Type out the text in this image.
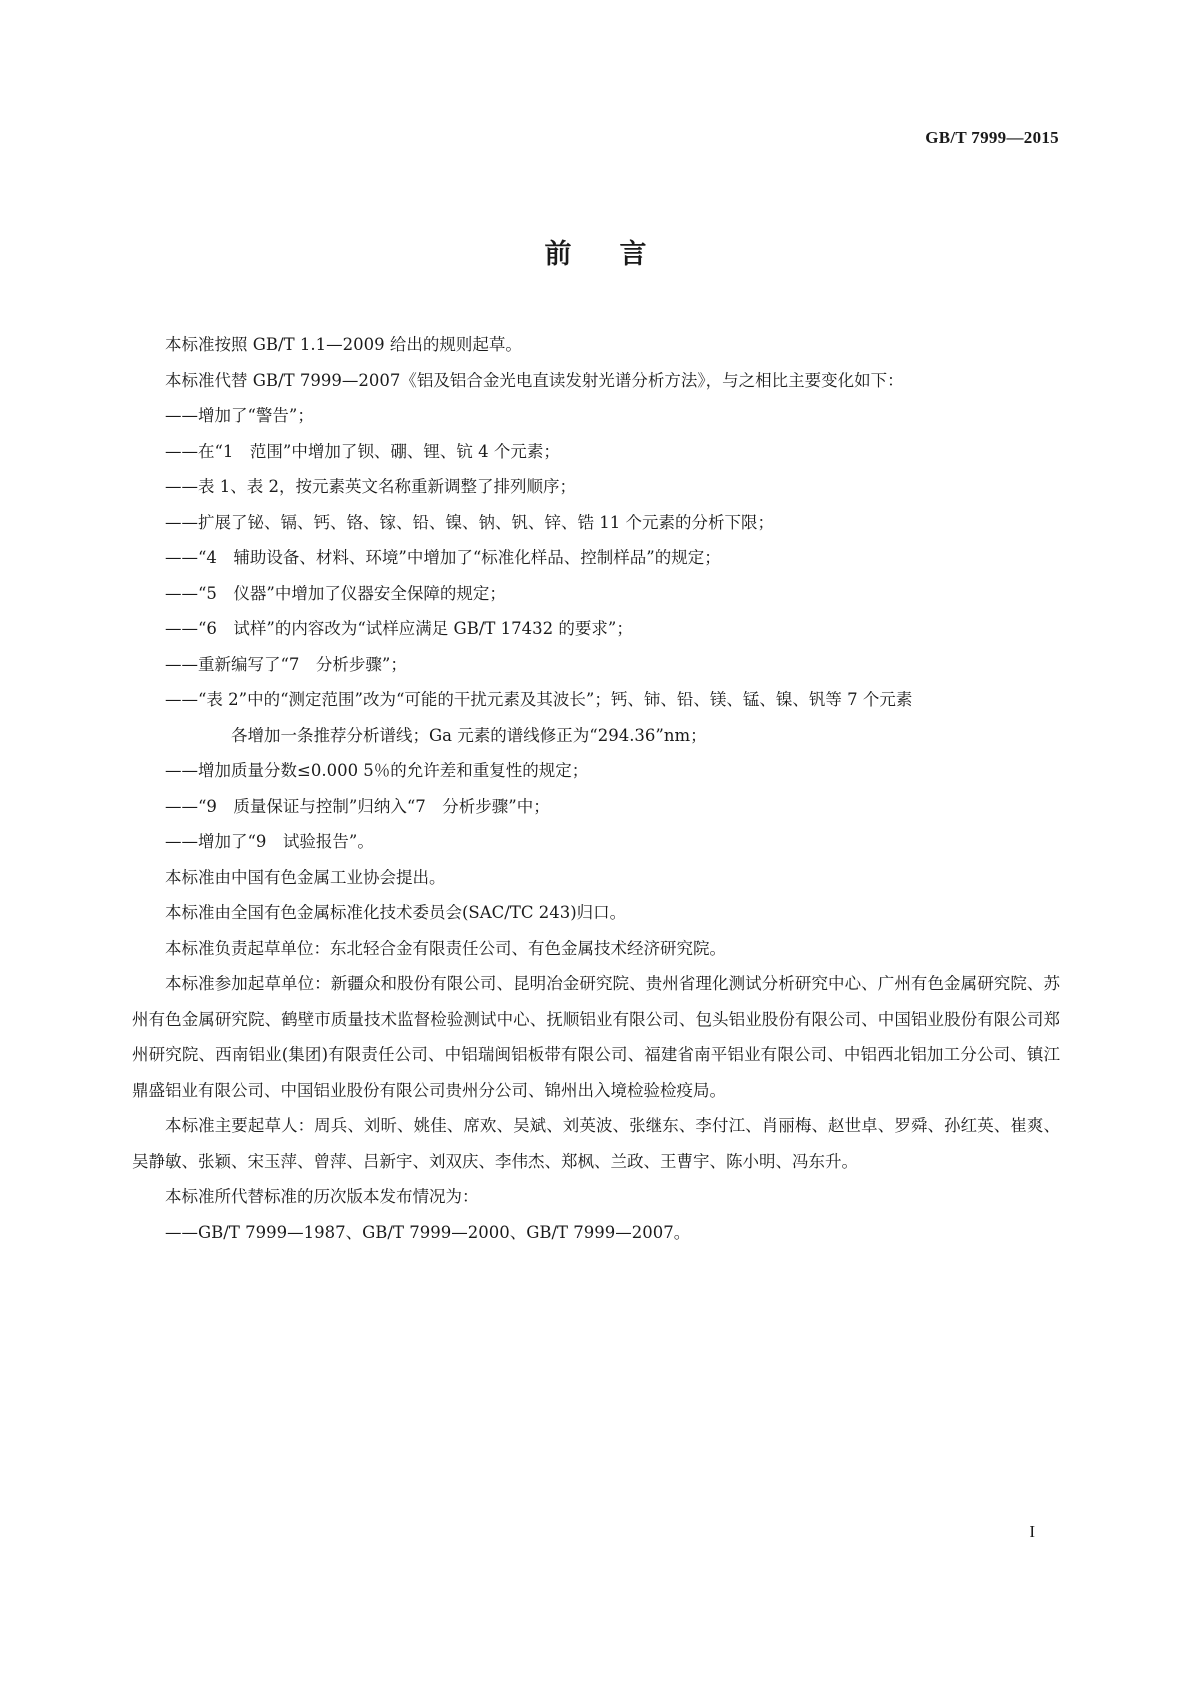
GB/T 7999—2015
前言

本标准按照 GB/T 1.1—2009 给出的规则起草。

本标准代替 GB/T 7999—2007《铝及铝合金光电直读发射光谱分析方法》，与之相比主要变化如下：

——增加了“警告”；

——在“1　范围”中增加了钡、硼、锂、钪 4 个元素；

——表 1、表 2，按元素英文名称重新调整了排列顺序；

——扩展了铋、镉、钙、铬、镓、铅、镍、钠、钒、锌、锆 11 个元素的分析下限；

——“4　辅助设备、材料、环境”中增加了“标准化样品、控制样品”的规定；

——“5　仪器”中增加了仪器安全保障的规定；

——“6　试样”的内容改为“试样应满足 GB/T 17432 的要求”；

——重新编写了“7　分析步骤”；

——“表 2”中的“测定范围”改为“可能的干扰元素及其波长”；钙、铈、铅、镁、锰、镍、钒等 7 个元素
各增加一条推荐分析谱线；Ga 元素的谱线修正为“294.36”nm；

——增加质量分数≤0.000 5％的允许差和重复性的规定；

——“9　质量保证与控制”归纳入“7　分析步骤”中；

——增加了“9　试验报告”。

本标准由中国有色金属工业协会提出。

本标准由全国有色金属标准化技术委员会(SAC/TC 243)归口。

本标准负责起草单位：东北轻合金有限责任公司、有色金属技术经济研究院。

本标准参加起草单位：新疆众和股份有限公司、昆明冶金研究院、贵州省理化测试分析研究中心、广州有色金属研究院、苏州有色金属研究院、鹤壁市质量技术监督检验测试中心、抚顺铝业有限公司、包头铝业股份有限公司、中国铝业股份有限公司郑州研究院、西南铝业(集团)有限责任公司、中铝瑞闽铝板带有限公司、福建省南平铝业有限公司、中铝西北铝加工分公司、镇江鼎盛铝业有限公司、中国铝业股份有限公司贵州分公司、锦州出入境检验检疫局。

本标准主要起草人：周兵、刘昕、姚佳、席欢、吴斌、刘英波、张继东、李付江、肖丽梅、赵世卓、罗舜、孙红英、崔爽、吴静敏、张颖、宋玉萍、曾萍、吕新宇、刘双庆、李伟杰、郑枫、兰政、王曹宇、陈小明、冯东升。

本标准所代替标准的历次版本发布情况为：

——GB/T 7999—1987、GB/T 7999—2000、GB/T 7999—2007。

I
